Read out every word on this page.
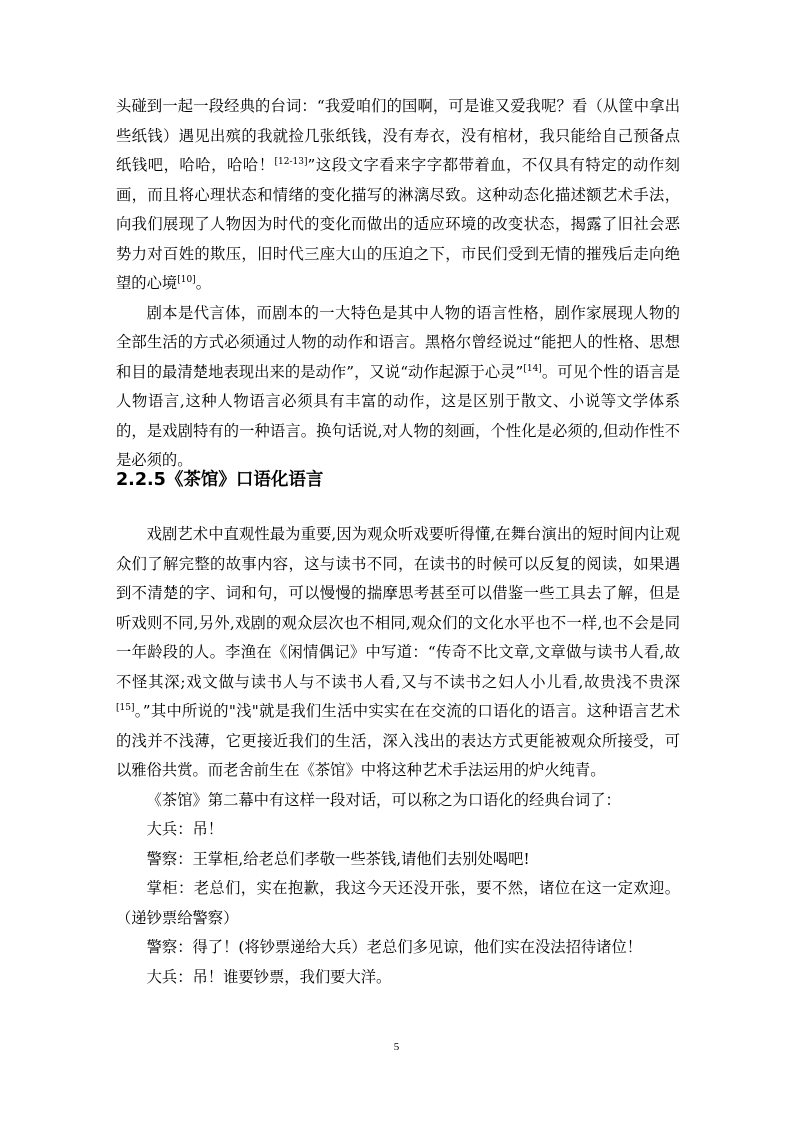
头碰到一起一段经典的台词：“我爱咱们的国啊，可是谁又爱我呢？看（从筐中拿出些纸钱）遇见出殡的我就捡几张纸钱，没有寿衣，没有棺材，我只能给自己预备点纸钱吧，哈哈，哈哈！[12-13]”这段文字看来字字都带着血，不仅具有特定的动作刻画，而且将心理状态和情绪的变化描写的淋漓尽致。这种动态化描述额艺术手法，向我们展现了人物因为时代的变化而做出的适应环境的改变状态，揭露了旧社会恶势力对百姓的欺压，旧时代三座大山的压迫之下，市民们受到无情的摧残后走向绝望的心境[10]。

剧本是代言体，而剧本的一大特色是其中人物的语言性格，剧作家展现人物的全部生活的方式必须通过人物的动作和语言。黑格尔曾经说过“能把人的性格、思想和目的最清楚地表现出来的是动作”，又说“动作起源于心灵”[14]。可见个性的语言是人物语言,这种人物语言必须具有丰富的动作，这是区别于散文、小说等文学体系的，是戏剧特有的一种语言。换句话说,对人物的刻画，个性化是必须的,但动作性不是必须的。

2.2.5《茶馆》口语化语言

戏剧艺术中直观性最为重要,因为观众听戏要听得懂,在舞台演出的短时间内让观众们了解完整的故事内容，这与读书不同，在读书的时候可以反复的阅读，如果遇到不清楚的字、词和句，可以慢慢的揣摩思考甚至可以借鉴一些工具去了解，但是听戏则不同,另外,戏剧的观众层次也不相同,观众们的文化水平也不一样,也不会是同一年龄段的人。李渔在《闲情偶记》中写道：“传奇不比文章,文章做与读书人看,故不怪其深;戏文做与读书人与不读书人看,又与不读书之妇人小儿看,故贵浅不贵深[15]。”其中所说的"浅"就是我们生活中实实在在交流的口语化的语言。这种语言艺术的浅并不浅薄，它更接近我们的生活，深入浅出的表达方式更能被观众所接受，可以雅俗共赏。而老舍前生在《茶馆》中将这种艺术手法运用的炉火纯青。

《茶馆》第二幕中有这样一段对话，可以称之为口语化的经典台词了：

大兵：吊！

警察：王掌柜,给老总们孝敬一些茶钱,请他们去别处喝吧!

掌柜：老总们，实在抱歉，我这今天还没开张，要不然，诸位在这一定欢迎。（递钞票给警察）

警察：得了！(将钞票递给大兵）老总们多见谅，他们实在没法招待诸位！

大兵：吊！谁要钞票，我们要大洋。

5
